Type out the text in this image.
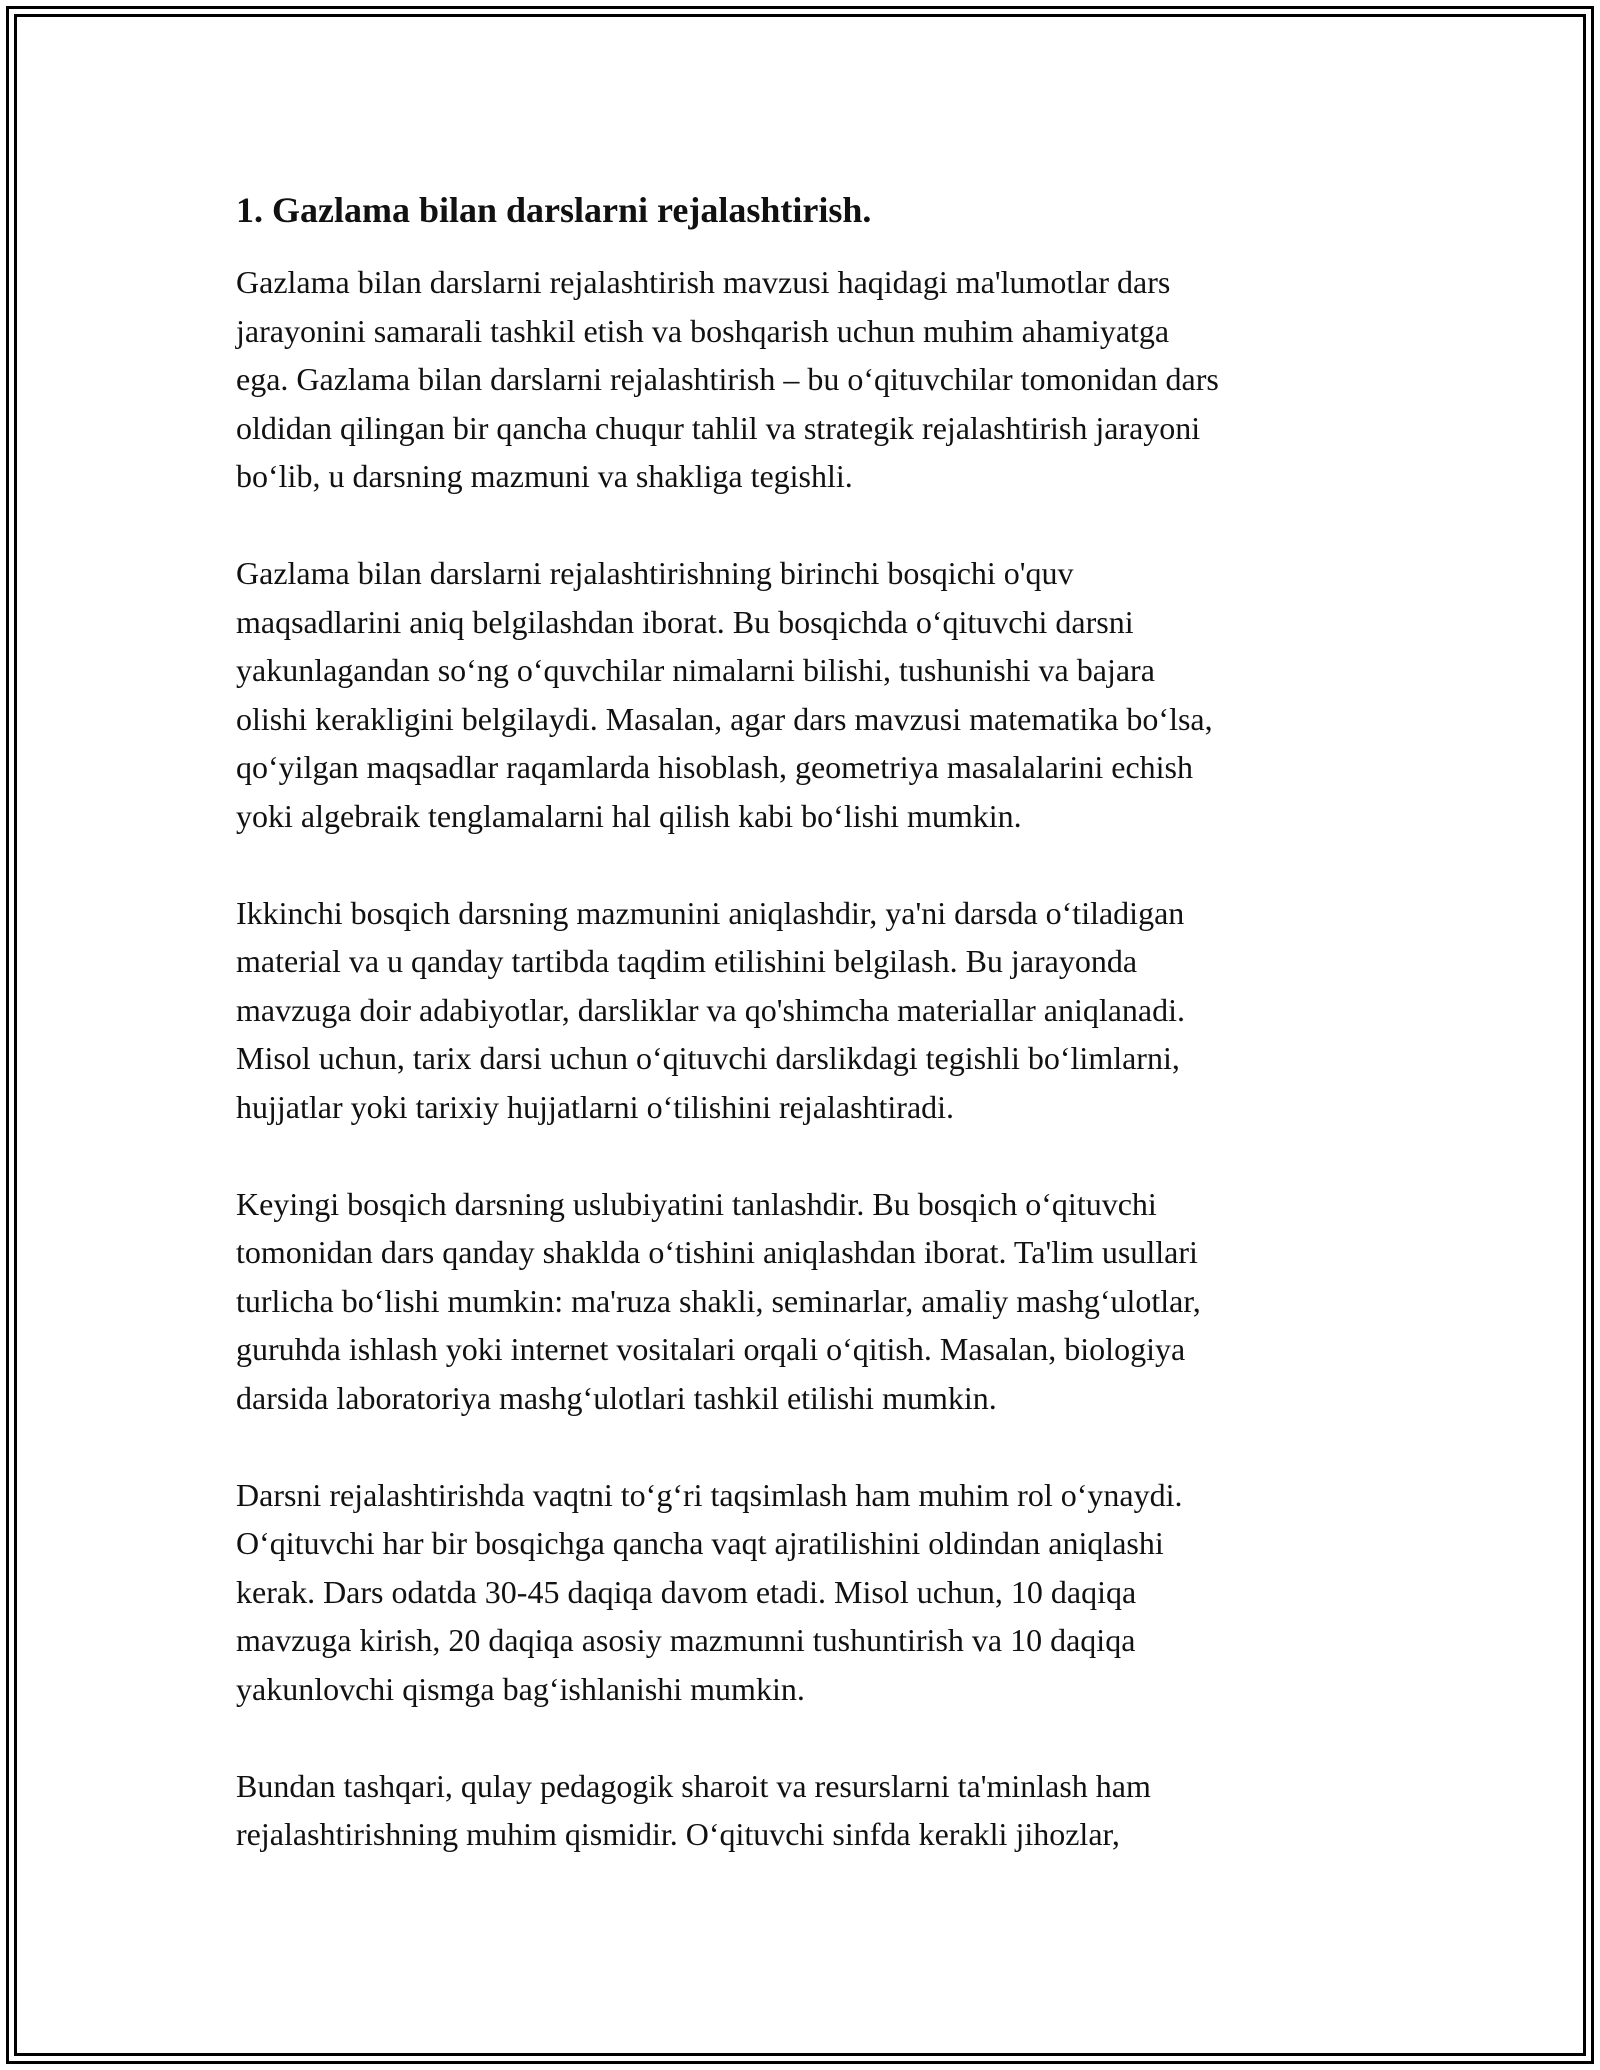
1. Gazlama bilan darslarni rejalashtirish.

Gazlama bilan darslarni rejalashtirish mavzusi haqidagi ma'lumotlar dars
jarayonini samarali tashkil etish va boshqarish uchun muhim ahamiyatga
ega. Gazlama bilan darslarni rejalashtirish – bu o‘qituvchilar tomonidan dars
oldidan qilingan bir qancha chuqur tahlil va strategik rejalashtirish jarayoni
bo‘lib, u darsning mazmuni va shakliga tegishli.

Gazlama bilan darslarni rejalashtirishning birinchi bosqichi o'quv
maqsadlarini aniq belgilashdan iborat. Bu bosqichda o‘qituvchi darsni
yakunlagandan so‘ng o‘quvchilar nimalarni bilishi, tushunishi va bajara
olishi kerakligini belgilaydi. Masalan, agar dars mavzusi matematika bo‘lsa,
qo‘yilgan maqsadlar raqamlarda hisoblash, geometriya masalalarini echish
yoki algebraik tenglamalarni hal qilish kabi bo‘lishi mumkin.

Ikkinchi bosqich darsning mazmunini aniqlashdir, ya'ni darsda o‘tiladigan
material va u qanday tartibda taqdim etilishini belgilash. Bu jarayonda
mavzuga doir adabiyotlar, darsliklar va qo'shimcha materiallar aniqlanadi.
Misol uchun, tarix darsi uchun o‘qituvchi darslikdagi tegishli bo‘limlarni,
hujjatlar yoki tarixiy hujjatlarni o‘tilishini rejalashtiradi.

Keyingi bosqich darsning uslubiyatini tanlashdir. Bu bosqich o‘qituvchi
tomonidan dars qanday shaklda o‘tishini aniqlashdan iborat. Ta'lim usullari
turlicha bo‘lishi mumkin: ma'ruza shakli, seminarlar, amaliy mashg‘ulotlar,
guruhda ishlash yoki internet vositalari orqali o‘qitish. Masalan, biologiya
darsida laboratoriya mashg‘ulotlari tashkil etilishi mumkin.

Darsni rejalashtirishda vaqtni to‘g‘ri taqsimlash ham muhim rol o‘ynaydi.
O‘qituvchi har bir bosqichga qancha vaqt ajratilishini oldindan aniqlashi
kerak. Dars odatda 30-45 daqiqa davom etadi. Misol uchun, 10 daqiqa
mavzuga kirish, 20 daqiqa asosiy mazmunni tushuntirish va 10 daqiqa
yakunlovchi qismga bag‘ishlanishi mumkin.

Bundan tashqari, qulay pedagogik sharoit va resurslarni ta'minlash ham
rejalashtirishning muhim qismidir. O‘qituvchi sinfda kerakli jihozlar,
